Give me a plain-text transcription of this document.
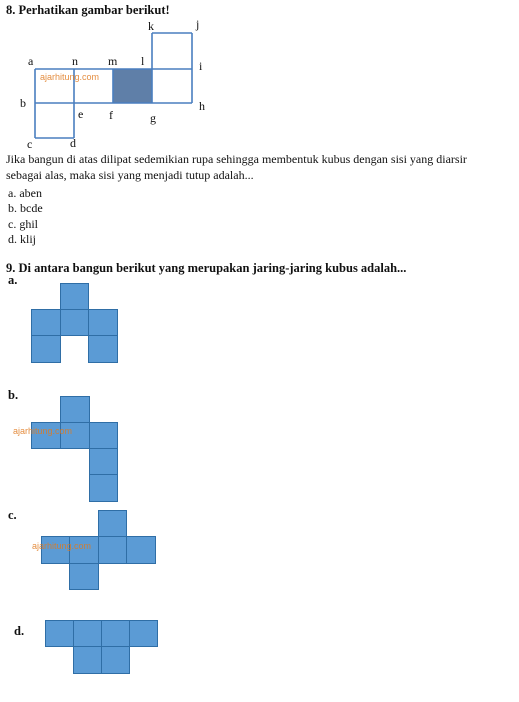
8. Perhatikan gambar berikut!
a	n	m l
k	j
i
b
e f	g
h
c	d
ajarhitung.com
Jika bangun di atas dilipat sedemikian rupa sehingga membentuk kubus dengan sisi yang diarsir
sebagai alas, maka sisi yang menjadi tutup adalah...
a. aben
b. bcde
c. ghil
d. klij
9. Di antara bangun berikut yang merupakan jaring-jaring kubus adalah...
a.
b.
ajarhitung.com
c.
ajarhitung.com
d.
